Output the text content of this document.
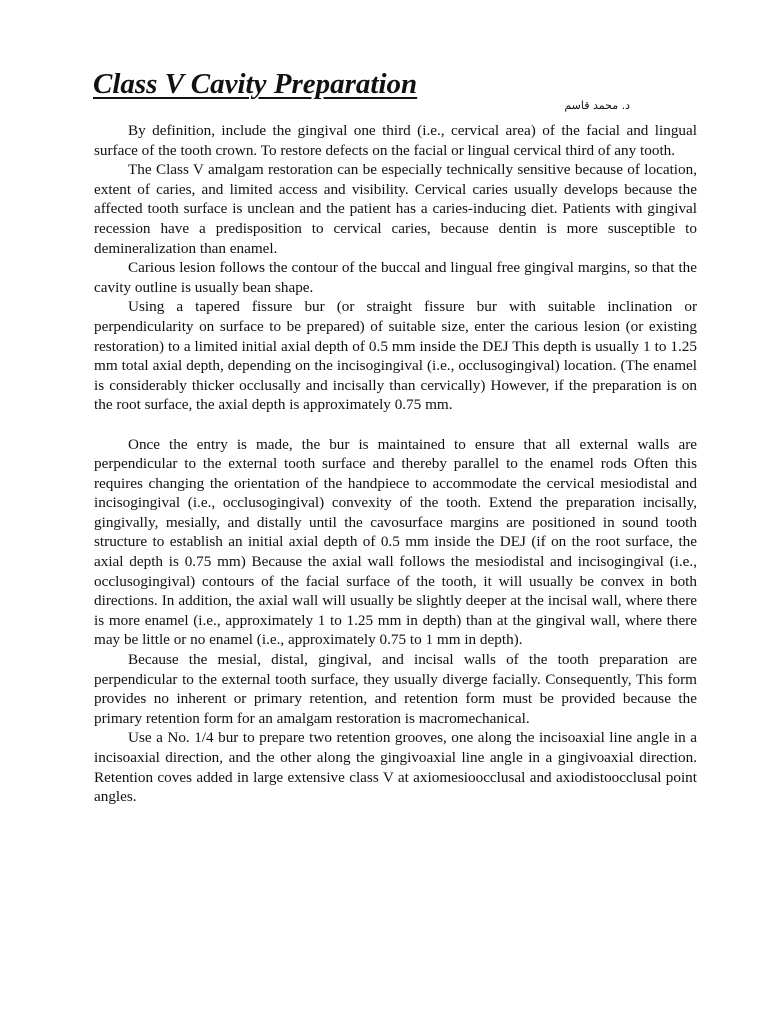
Class V Cavity Preparation
د. محمد قاسم

By definition, include the gingival one third (i.e., cervical area) of the facial and lingual surface of the tooth crown. To restore defects on the facial or lingual cervical third of any tooth.

The Class V amalgam restoration can be especially technically sensitive because of location, extent of caries, and limited access and visibility. Cervical caries usually develops because the affected tooth surface is unclean and the patient has a caries-inducing diet. Patients with gingival recession have a predisposition to cervical caries, because dentin is more susceptible to demineralization than enamel.

Carious lesion follows the contour of the buccal and lingual free gingival margins, so that the cavity outline is usually bean shape.

Using a tapered fissure bur (or straight fissure bur with suitable inclination or perpendicularity on surface to be prepared) of suitable size, enter the carious lesion (or existing restoration) to a limited initial axial depth of 0.5 mm inside the DEJ This depth is usually 1 to 1.25 mm total axial depth, depending on the incisogingival (i.e., occlusogingival) location. (The enamel is considerably thicker occlusally and incisally than cervically) However, if the preparation is on the root surface, the axial depth is approximately 0.75 mm.

Once the entry is made, the bur is maintained to ensure that all external walls are perpendicular to the external tooth surface and thereby parallel to the enamel rods Often this requires changing the orientation of the handpiece to accommodate the cervical mesiodistal and incisogingival (i.e., occlusogingival) convexity of the tooth. Extend the preparation incisally, gingivally, mesially, and distally until the cavosurface margins are positioned in sound tooth structure to establish an initial axial depth of 0.5 mm inside the DEJ (if on the root surface, the axial depth is 0.75 mm) Because the axial wall follows the mesiodistal and incisogingival (i.e., occlusogingival) contours of the facial surface of the tooth, it will usually be convex in both directions. In addition, the axial wall will usually be slightly deeper at the incisal wall, where there is more enamel (i.e., approximately 1 to 1.25 mm in depth) than at the gingival wall, where there may be little or no enamel (i.e., approximately 0.75 to 1 mm in depth).

Because the mesial, distal, gingival, and incisal walls of the tooth preparation are perpendicular to the external tooth surface, they usually diverge facially. Consequently, This form provides no inherent or primary retention, and retention form must be provided because the primary retention form for an amalgam restoration is macromechanical.

Use a No. 1/4 bur to prepare two retention grooves, one along the incisoaxial line angle in a incisoaxial direction, and the other along the gingivoaxial line angle in a gingivoaxial direction. Retention coves added in large extensive class V at axiomesioocclusal and axiodistoocclusal point angles.
